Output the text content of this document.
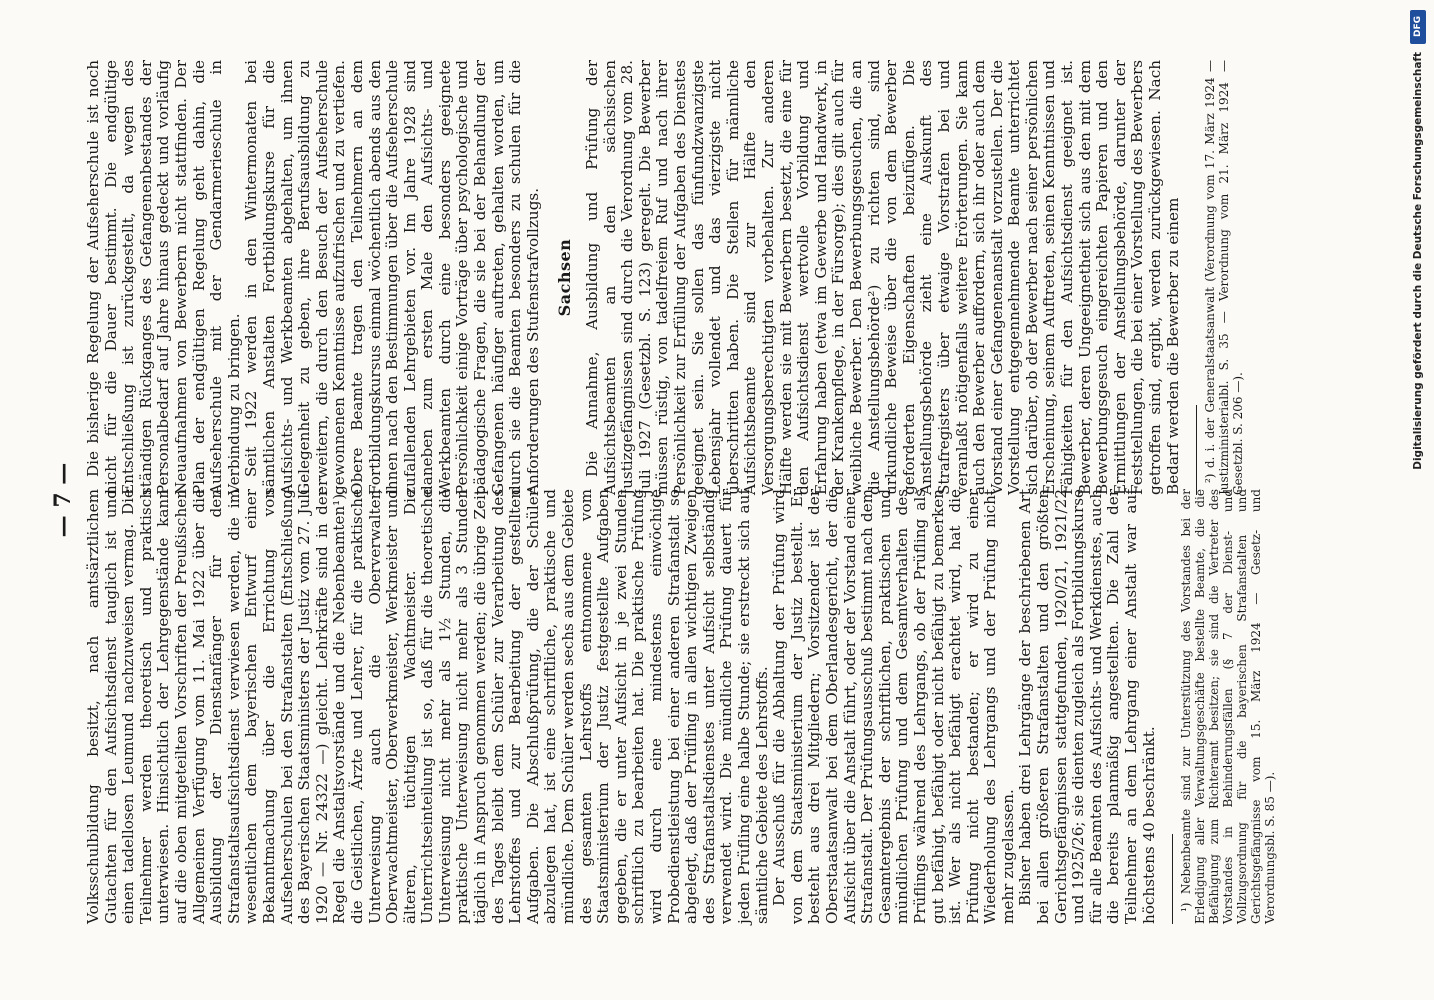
— 7 — Volksschulbildung besitzt, nach amtsärztlichem Gutachten für den Aufsichtsdienst tauglich ist und einen tadellosen Leumund nachzuweisen vermag. Die Teilnehmer werden theoretisch und praktisch unterwiesen. Hinsichtlich der Lehrgegenstände kann auf die oben mitgeteilten Vorschriften der Preußischen Allgemeinen Verfügung vom 11. Mai 1922 über die Ausbildung der Dienstanfänger für den Strafanstaltsaufsichtsdienst verwiesen werden, die im wesentlichen dem bayerischen Entwurf einer Bekanntmachung über die Errichtung von Aufseherschulen bei den Strafanstalten (Entschließung des Bayerischen Staatsministers der Justiz vom 27. Juli 1920 — Nr. 24322 —) gleicht. Lehrkräfte sind in der Regel die Anstaltsvorstände und die Nebenbeamten¹), die Geistlichen, Ärzte und Lehrer, für die praktische Unterweisung auch die Oberverwalter, Oberwachtmeister, Oberwerkmeister, Werkmeister und älteren, tüchtigen Wachtmeister. Die Unterrichtseinteilung ist so, daß für die theoretische Unterweisung nicht mehr als 1½ Stunden, die praktische Unterweisung nicht mehr als 3 Stunden täglich in Anspruch genommen werden; die übrige Zeit des Tages bleibt dem Schüler zur Verarbeitung des Lehrstoffes und zur Bearbeitung der gestellten Aufgaben. Die Abschlußprüfung, die der Schüler abzulegen hat, ist eine schriftliche, praktische und mündliche. Dem Schüler werden sechs aus dem Gebiete des gesamten Lehrstoffs entnommene vom Staatsministerium der Justiz festgestellte Aufgaben gegeben, die er unter Aufsicht in je zwei Stunden schriftlich zu bearbeiten hat. Die praktische Prüfung wird durch eine mindestens einwöchige Probedienstleistung bei einer anderen Strafanstalt so abgelegt, daß der Prüfling in allen wichtigen Zweigen des Strafanstaltsdienstes unter Aufsicht selbständig verwendet wird. Die mündliche Prüfung dauert für jeden Prüfling eine halbe Stunde; sie erstreckt sich auf sämtliche Gebiete des Lehrstoffs. Der Ausschuß für die Abhaltung der Prüfung wird von dem Staatsministerium der Justiz bestellt. Er besteht aus drei Mitgliedern; Vorsitzender ist der Oberstaatsanwalt bei dem Oberlandesgericht, der die Aufsicht über die Anstalt führt, oder der Vorstand einer Strafanstalt. Der Prüfungsausschuß bestimmt nach dem Gesamtergebnis der schriftlichen, praktischen und mündlichen Prüfung und dem Gesamtverhalten des Prüflings während des Lehrgangs, ob der Prüfling als gut befähigt, befähigt oder nicht befähigt zu bemerken ist. Wer als nicht befähigt erachtet wird, hat die Prüfung nicht bestanden; er wird zu einer Wiederholung des Lehrgangs und der Prüfung nicht mehr zugelassen. Bisher haben drei Lehrgänge der beschriebenen Art bei allen größeren Strafanstalten und den größten Gerichtsgefängnissen stattgefunden, 1920/21, 1921/22 und 1925/26; sie dienten zugleich als Fortbildungskurse für alle Beamten des Aufsichts- und Werkdienstes, auch die bereits planmäßig angestellten. Die Zahl der Teilnehmer an dem Lehrgang einer Anstalt war auf höchstens 40 beschränkt. ¹) Nebenbeamte sind zur Unterstützung des Vorstandes bei der Erledigung aller Verwaltungsgeschäfte bestellte Beamte, die die Befähigung zum Richteramt besitzen; sie sind die Vertreter des Vorstandes in Behinderungsfällen (§ 7 der Dienst- und Vollzugsordnung für die bayerischen Strafanstalten und Gerichtsgefängnisse vom 15. März 1924 — Gesetz- und Verordnungsbl. S. 85 —).

Die bisherige Regelung der Aufseherschule ist noch nicht für die Dauer bestimmt. Die endgültige Entschließung ist zurückgestellt, da wegen des ständigen Rückganges des Gefangenenbestandes der Personalbedarf auf Jahre hinaus gedeckt und vorläufig Neuaufnahmen von Bewerbern nicht stattfinden. Der Plan der endgültigen Regelung geht dahin, die Aufseherschule mit der Gendarmerieschule in Verbindung zu bringen. Seit 1922 werden in den Wintermonaten bei sämtlichen Anstalten Fortbildungskurse für die Aufsichts- und Werkbeamten abgehalten, um ihnen Gelegenheit zu geben, ihre Berufsausbildung zu erweitern, die durch den Besuch der Aufseherschule gewonnenen Kenntnisse aufzufrischen und zu vertiefen. Obere Beamte tragen den Teilnehmern an dem Fortbildungskursus einmal wöchentlich abends aus den ihnen nach den Bestimmungen über die Aufseherschule zufallenden Lehrgebieten vor. Im Jahre 1928 sind daneben zum ersten Male den Aufsichts- und Werkbeamten durch eine besonders geeignete Persönlichkeit einige Vorträge über psychologische und pädagogische Fragen, die sie bei der Behandlung der Gefangenen häufiger auftreten, gehalten worden, um durch sie die Beamten besonders zu schulen für die Anforderungen des Stufenstrafvollzugs. Sachsen Die Annahme, Ausbildung und Prüfung der Aufsichtsbeamten an den sächsischen Justizgefängnissen sind durch die Verordnung vom 28. Juli 1927 (Gesetzbl. S. 123) geregelt. Die Bewerber müssen rüstig, von tadelfreiem Ruf und nach ihrer Persönlichkeit zur Erfüllung der Aufgaben des Dienstes geeignet sein. Sie sollen das fünfundzwanzigste Lebensjahr vollendet und das vierzigste nicht überschritten haben. Die Stellen für männliche Aufsichtsbeamte sind zur Hälfte den Versorgungsberechtigten vorbehalten. Zur anderen Hälfte werden sie mit Bewerbern besetzt, die eine für den Aufsichtsdienst wertvolle Vorbildung und Erfahrung haben (etwa im Gewerbe und Handwerk, in der Krankenpflege, in der Fürsorge); dies gilt auch für weibliche Bewerber. Den Bewerbungsgesuchen, die an die Anstellungsbehörde²) zu richten sind, sind urkundliche Beweise über die von dem Bewerber geforderten Eigenschaften beizufügen. Die Anstellungsbehörde zieht eine Auskunft des Strafregisters über etwaige Vorstrafen bei und veranlaßt nötigenfalls weitere Erörterungen. Sie kann auch den Bewerber auffordern, sich ihr oder auch dem Vorstand einer Gefangenenanstalt vorzustellen. Der die Vorstellung entgegennehmende Beamte unterrichtet sich darüber, ob der Bewerber nach seiner persönlichen Erscheinung, seinem Auftreten, seinen Kenntnissen und Fähigkeiten für den Aufsichtsdienst geeignet ist. Bewerber, deren Ungeeignetheit sich aus den mit dem Bewerbungsgesuch eingereichten Papieren und den Ermittlungen der Anstellungsbehörde, darunter der Feststellungen, die bei einer Vorstellung des Bewerbers getroffen sind, ergibt, werden zurückgewiesen. Nach Bedarf werden die Bewerber zu einem ²) d. i. der Generalstaatsanwalt (Verordnung vom 17. März 1924 — Justizministerialbl. S. 35 — Verordnung vom 21. März 1924 — Gesetzbl. S. 206 —).

DFG
Digitalisierung gefördert durch die Deutsche Forschungsgemeinschaft
